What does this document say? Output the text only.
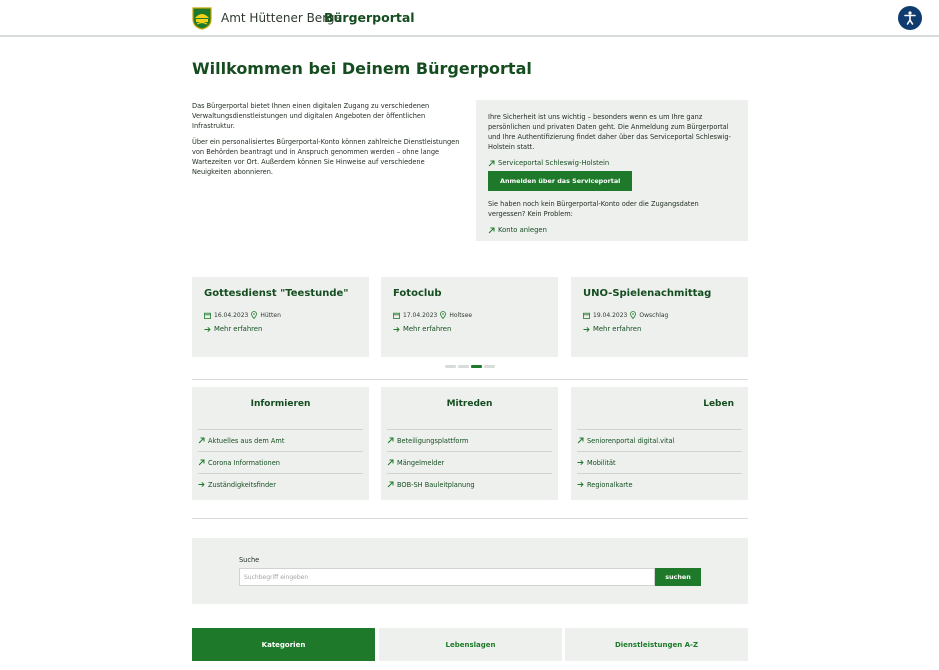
Amt Hüttener Berge
Bürgerportal
Willkommen bei Deinem Bürgerportal

Das Bürgerportal bietet Ihnen einen digitalen Zugang zu verschiedenen Verwaltungsdienstleistungen und digitalen Angeboten der öffentlichen Infrastruktur.

Über ein personalisiertes Bürgerportal-Konto können zahlreiche Dienstleistungen von Behörden beantragt und in Anspruch genommen werden – ohne lange Wartezeiten vor Ort. Außerdem können Sie Hinweise auf verschiedene Neuigkeiten abonnieren.

Ihre Sicherheit ist uns wichtig – besonders wenn es um Ihre ganz persönlichen und privaten Daten geht. Die Anmeldung zum Bürgerportal und Ihre Authentifizierung findet daher über das Serviceportal Schleswig-Holstein statt.
Serviceportal Schleswig-Holstein
Anmelden über das Serviceportal
Sie haben noch kein Bürgerportal-Konto oder die Zugangsdaten vergessen? Kein Problem:
Konto anlegen
Gottesdienst "Teestunde"
16.04.2023 Hütten
Mehr erfahren
Fotoclub
17.04.2023 Holtsee
Mehr erfahren
UNO-Spielenachmittag
19.04.2023 Owschlag
Mehr erfahren
Informieren
Aktuelles aus dem Amt
Corona Informationen
Zuständigkeitsfinder
Mitreden
Beteiligungsplattform
Mängelmelder
BOB-SH Bauleitplanung
Leben
Seniorenportal digital.vital
Mobilität
Regionalkarte
Suche
Suchbegriff eingeben
suchen
Kategorien	Lebenslagen	Dienstleistungen A-Z
